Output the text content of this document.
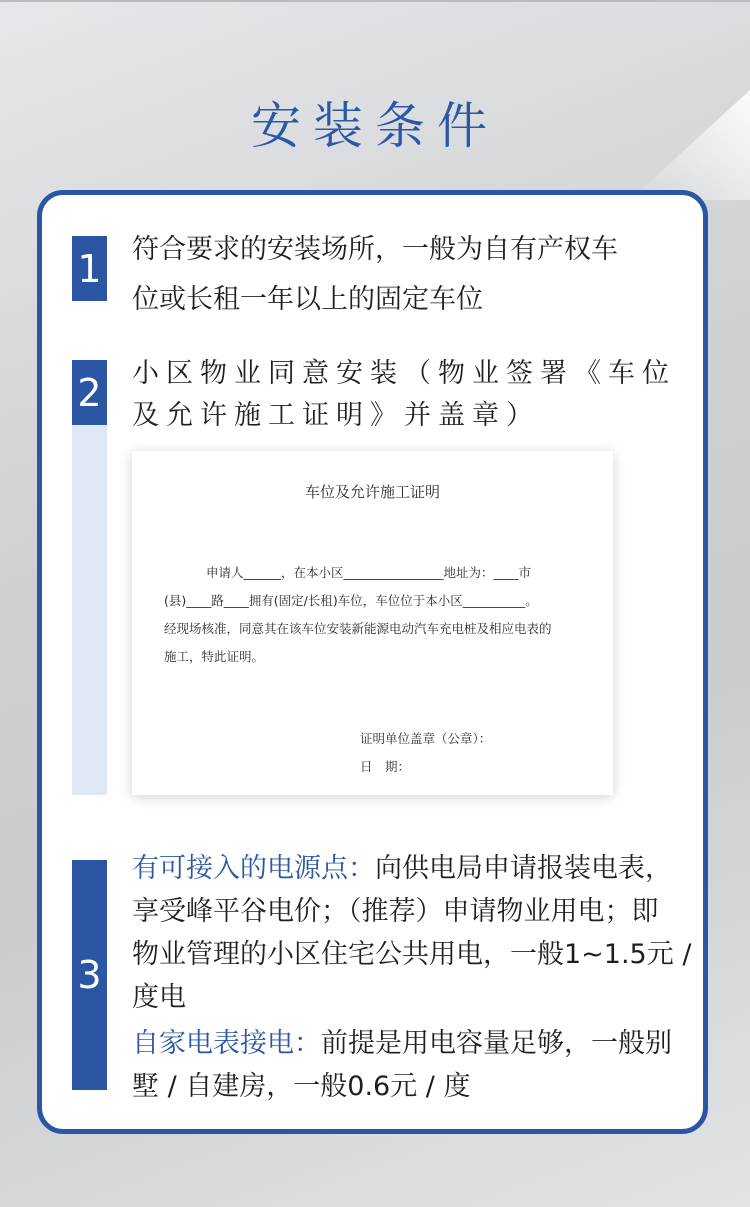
安装条件
1 符合要求的安装场所，一般为自有产权车
位或长租一年以上的固定车位
2 小区物业同意安装（物业签署《车位
及允许施工证明》并盖章）
车位及允许施工证明

申请人______，在本小区________________地址为：____市

(县)____路____拥有(固定/长租)车位，车位位于本小区__________。

经现场核准，同意其在该车位安装新能源电动汽车充电桩及相应电表的

施工，特此证明。

证明单位盖章（公章）：

日　期：

3
有可接入的电源点：向供电局申请报装电表，
享受峰平谷电价；（推荐）申请物业用电；即
物业管理的小区住宅公共用电，一般1~1.5元 /
度电
自家电表接电：前提是用电容量足够，一般别
墅 / 自建房，一般0.6元 / 度
